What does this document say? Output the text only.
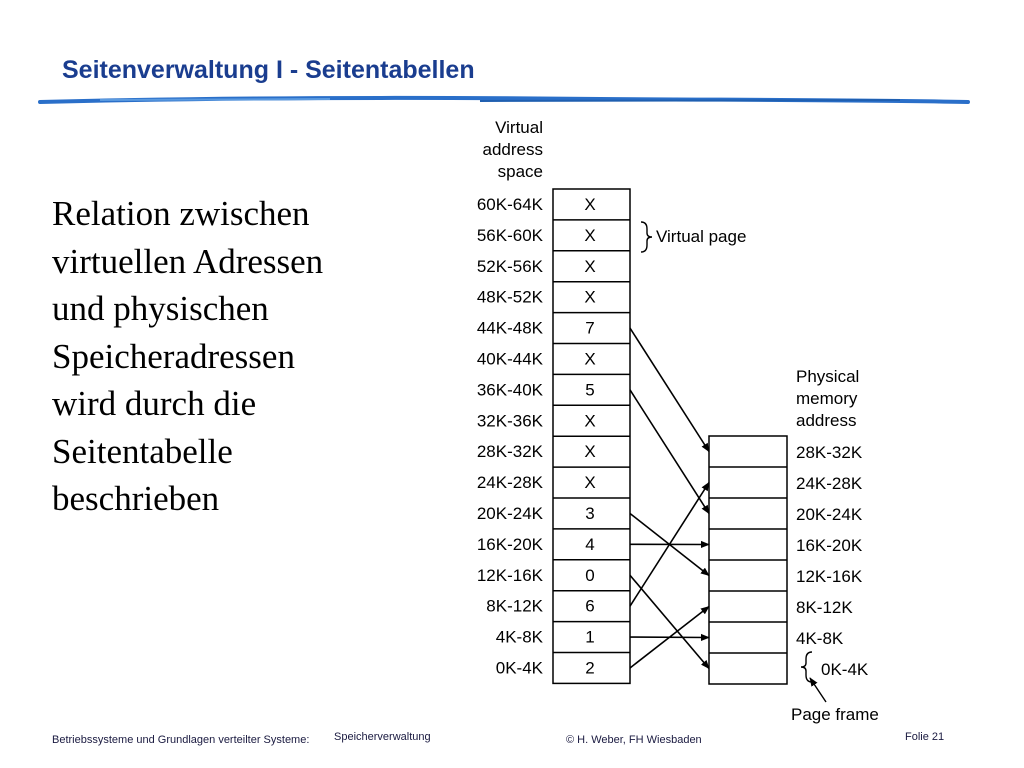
Seitenverwaltung I - Seitentabellen
Relation zwischen
virtuellen Adressen
und physischen
Speicheradressen
wird durch die
Seitentabelle
beschrieben
Virtual
address
space
60K-64K X
56K-60K X
52K-56K X
48K-52K X
44K-48K 7
40K-44K X
36K-40K 5
32K-36K X
28K-32K X
24K-28K X
20K-24K 3
16K-20K 4
12K-16K 0
8K-12K 6
4K-8K 1
0K-4K 2
Physical
memory
address
28K-32K
24K-28K
20K-24K
16K-20K
12K-16K
8K-12K
4K-8K
0K-4K
Virtual page
Page frame
Betriebssysteme und Grundlagen verteilter Systeme: Speicherverwaltung	© H. Weber, FH Wiesbaden	Folie 21
